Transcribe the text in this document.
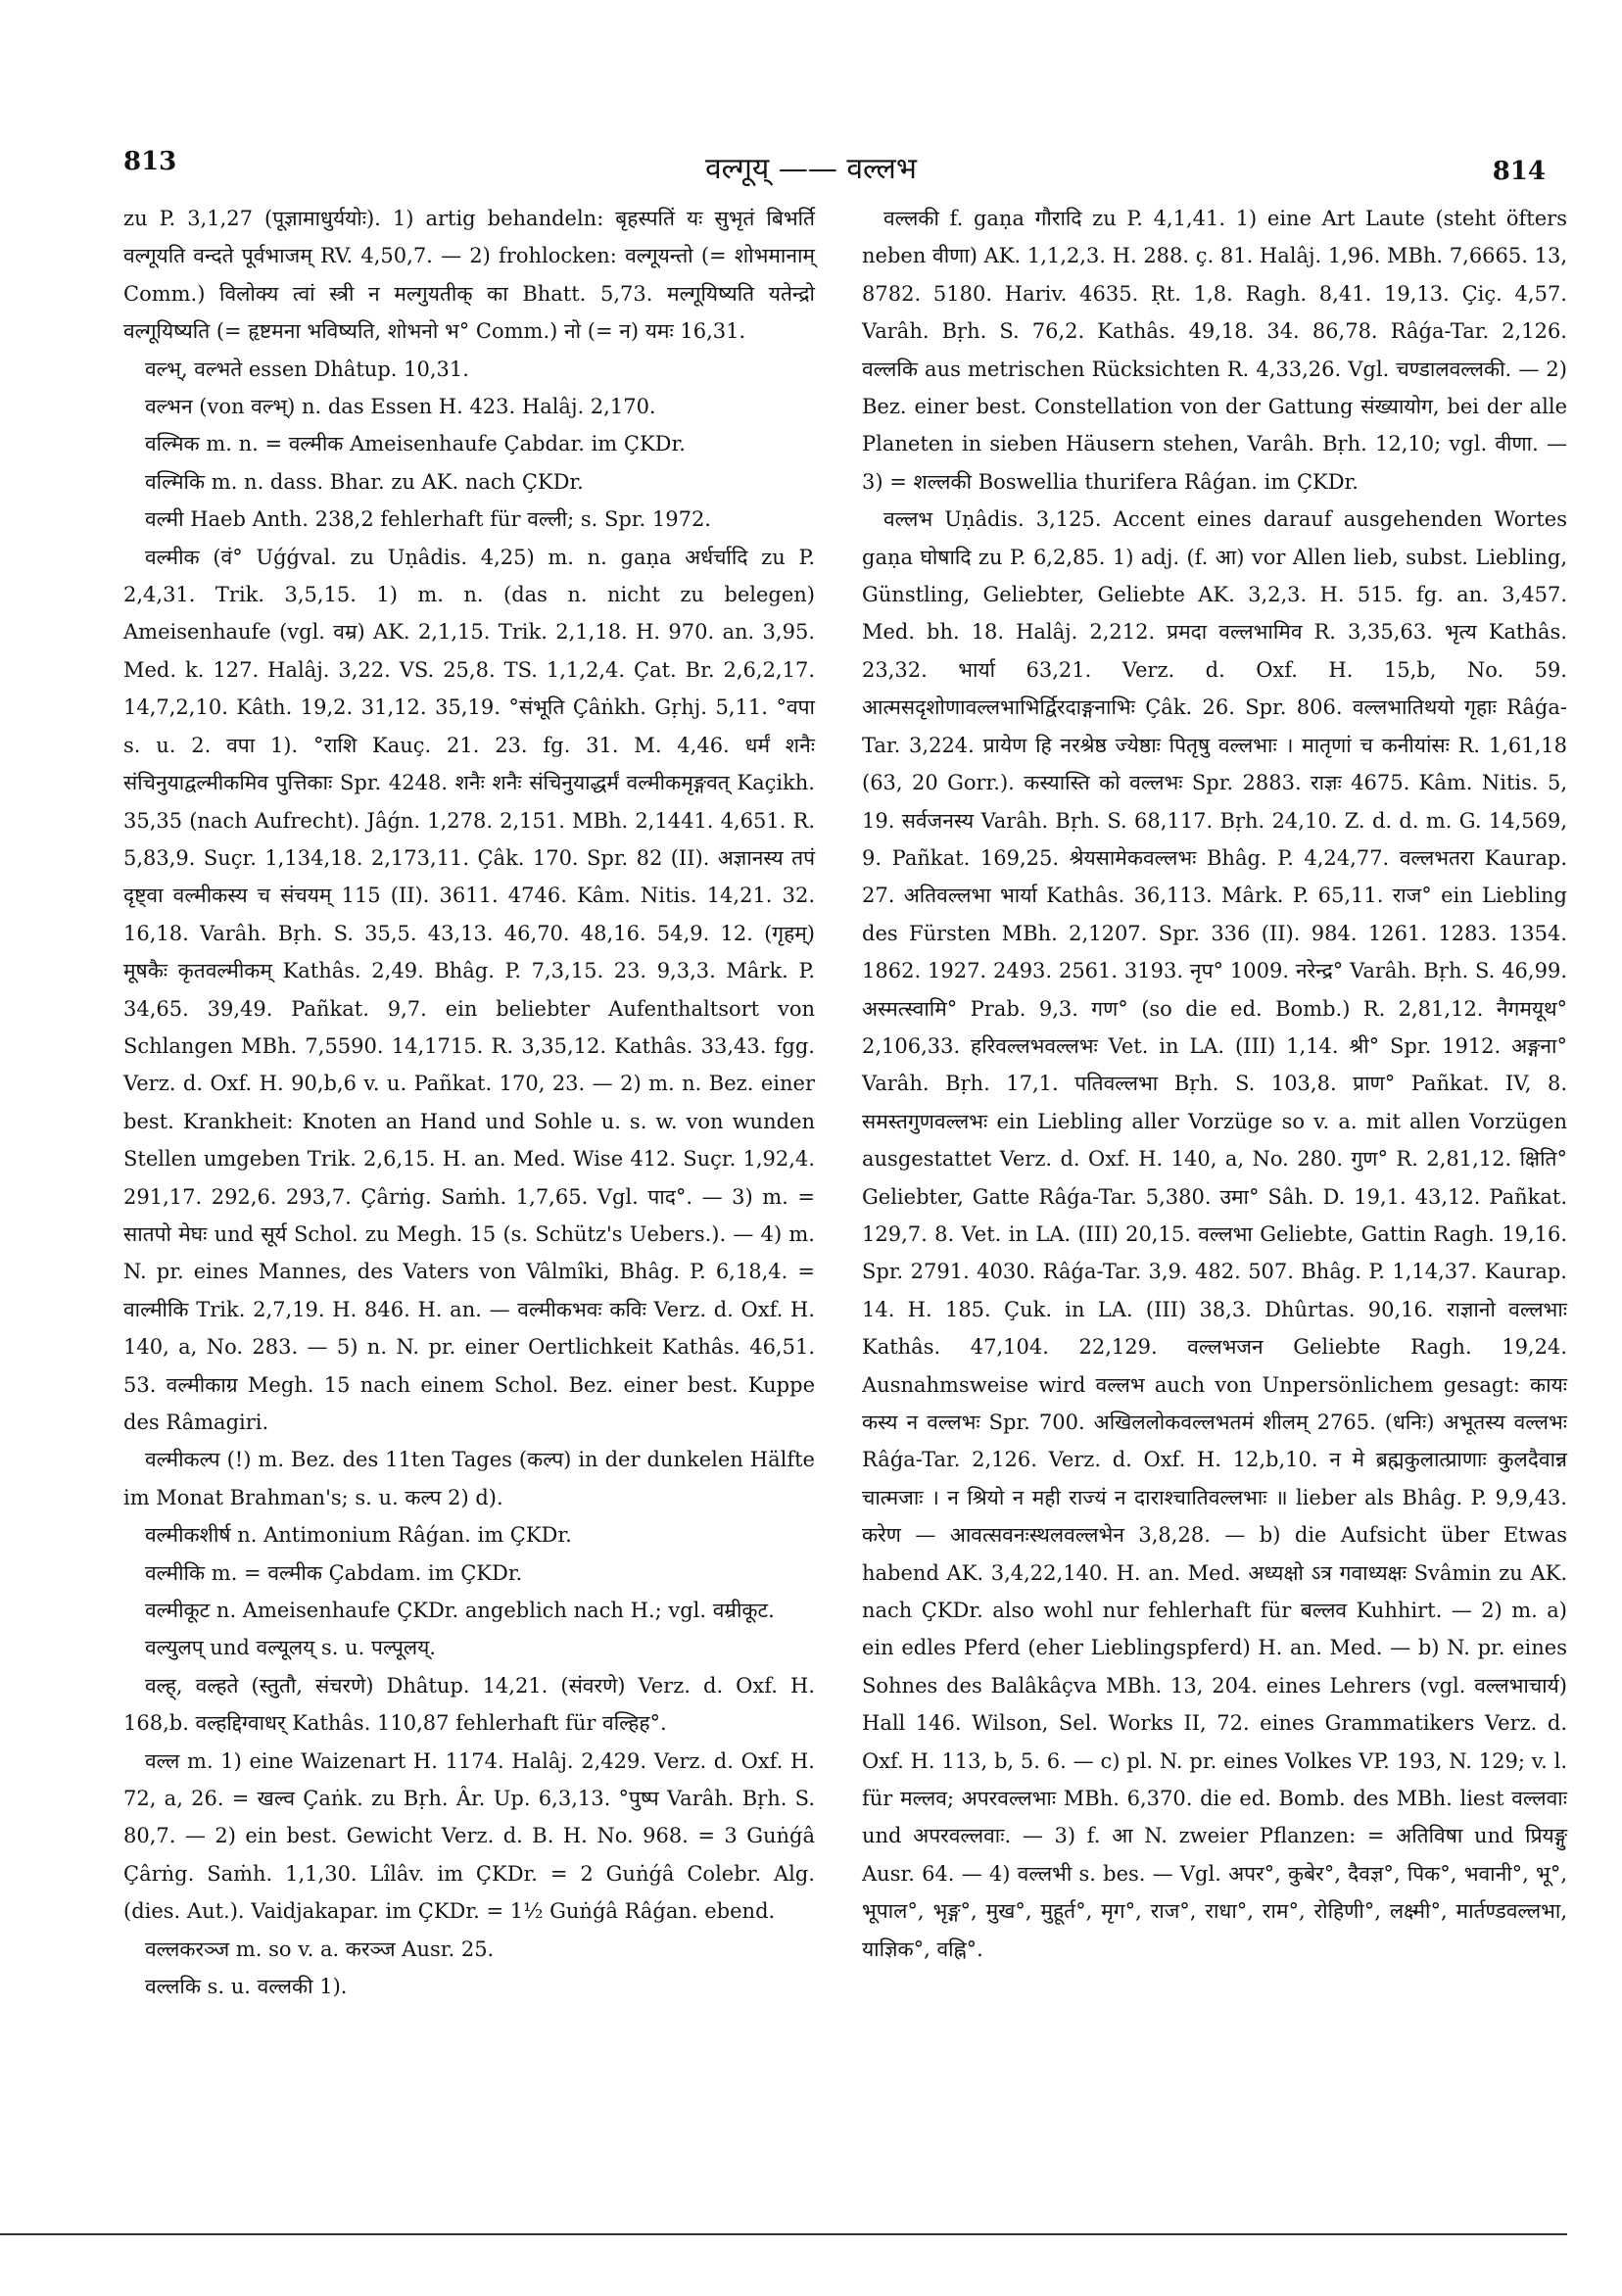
813	वल्गूय् —— वल्लभ	814

zu P. 3,1,27 (पूज्ञामाधुर्ययोः). 1) artig behandeln: बृहस्पतिं यः सुभृतं बिभर्ति वल्गूयति वन्दते पूर्वभाजम् RV. 4,50,7. — 2) frohlocken: वल्गूयन्तो (= शोभमानाम् Comm.) विलोक्य त्वां स्त्री न मल्गुयतीक् का Bhatt. 5,73. मल्गूयिष्यति यतेन्द्रो वल्गूयिष्यति (= हृष्टमना भविष्यति, शोभनो भ° Comm.) नो (= न) यमः 16,31.

वल्भ्, वल्भते essen Dhâtup. 10,31.

वल्भन (von वल्भ्) n. das Essen H. 423. Halâj. 2,170.

वल्मिक m. n. = वल्मीक Ameisenhaufe Çabdar. im ÇKDr.

वल्मिकि m. n. dass. Bhar. zu AK. nach ÇKDr.

वल्मी Haeb Anth. 238,2 fehlerhaft für वल्ली; s. Spr. 1972.

वल्मीक (वं° Uǵǵval. zu Uṇâdis. 4,25) m. n. gaṇa अर्धर्चादि zu P. 2,4,31. Trik. 3,5,15. 1) m. n. (das n. nicht zu belegen) Ameisenhaufe (vgl. वम्र) AK. 2,1,15. Trik. 2,1,18. H. 970. an. 3,95. Med. k. 127. Halâj. 3,22. VS. 25,8. TS. 1,1,2,4. Çat. Br. 2,6,2,17. 14,7,2,10. Kâth. 19,2. 31,12. 35,19. °संभूति Çâṅkh. Gṛhj. 5,11. °वपा s. u. 2. वपा 1). °राशि Kauç. 21. 23. fg. 31. M. 4,46. धर्मं शनैः संचिनुयाद्वल्मीकमिव पुत्तिकाः Spr. 4248. शनैः शनैः संचिनुयाद्धर्मं वल्मीकमृङ्गवत् Kaçikh. 35,35 (nach Aufrecht). Jâǵn. 1,278. 2,151. MBh. 2,1441. 4,651. R. 5,83,9. Suçr. 1,134,18. 2,173,11. Çâk. 170. Spr. 82 (II). अज्ञानस्य तपं दृष्ट्वा वल्मीकस्य च संचयम् 115 (II). 3611. 4746. Kâm. Nitis. 14,21. 32. 16,18. Varâh. Bṛh. S. 35,5. 43,13. 46,70. 48,16. 54,9. 12. (गृहम्) मूषकैः कृतवल्मीकम् Kathâs. 2,49. Bhâg. P. 7,3,15. 23. 9,3,3. Mârk. P. 34,65. 39,49. Pañkat. 9,7. ein beliebter Aufenthaltsort von Schlangen MBh. 7,5590. 14,1715. R. 3,35,12. Kathâs. 33,43. fgg. Verz. d. Oxf. H. 90,b,6 v. u. Pañkat. 170, 23. — 2) m. n. Bez. einer best. Krankheit: Knoten an Hand und Sohle u. s. w. von wunden Stellen umgeben Trik. 2,6,15. H. an. Med. Wise 412. Suçr. 1,92,4. 291,17. 292,6. 293,7. Çârṅg. Saṁh. 1,7,65. Vgl. पाद°. — 3) m. = सातपो मेघः und सूर्य Schol. zu Megh. 15 (s. Schütz's Uebers.). — 4) m. N. pr. eines Mannes, des Vaters von Vâlmîki, Bhâg. P. 6,18,4. = वाल्मीकि Trik. 2,7,19. H. 846. H. an. — वल्मीकभवः कविः Verz. d. Oxf. H. 140, a, No. 283. — 5) n. N. pr. einer Oertlichkeit Kathâs. 46,51. 53. वल्मीकाग्र Megh. 15 nach einem Schol. Bez. einer best. Kuppe des Râmagiri.

वल्मीकल्प (!) m. Bez. des 11ten Tages (कल्प) in der dunkelen Hälfte im Monat Brahman's; s. u. कल्प 2) d).

वल्मीकशीर्ष n. Antimonium Râǵan. im ÇKDr.

वल्मीकि m. = वल्मीक Çabdam. im ÇKDr.

वल्मीकूट n. Ameisenhaufe ÇKDr. angeblich nach H.; vgl. वम्रीकूट.

वल्युलप् und वल्यूलय् s. u. पल्पूलय्.

वल्ह्, वल्हते (स्तुतौ, संचरणे) Dhâtup. 14,21. (संवरणे) Verz. d. Oxf. H. 168,b. वल्हद्दिग्वाधर् Kathâs. 110,87 fehlerhaft für वल्हिह°.

वल्ल m. 1) eine Waizenart H. 1174. Halâj. 2,429. Verz. d. Oxf. H. 72, a, 26. = खल्व Çaṅk. zu Bṛh. Âr. Up. 6,3,13. °पुष्प Varâh. Bṛh. S. 80,7. — 2) ein best. Gewicht Verz. d. B. H. No. 968. = 3 Guṅǵâ Çârṅg. Saṁh. 1,1,30. Lîlâv. im ÇKDr. = 2 Guṅǵâ Colebr. Alg. (dies. Aut.). Vaidjakapar. im ÇKDr. = 1½ Guṅǵâ Râǵan. ebend.

वल्लकरञ्ज m. so v. a. करञ्ज Ausr. 25.

वल्लकि s. u. वल्लकी 1).

वल्लकी f. gaṇa गौरादि zu P. 4,1,41. 1) eine Art Laute (steht öfters neben वीणा) AK. 1,1,2,3. H. 288. ç. 81. Halâj. 1,96. MBh. 7,6665. 13, 8782. 5180. Hariv. 4635. Ṛt. 1,8. Ragh. 8,41. 19,13. Çiç. 4,57. Varâh. Bṛh. S. 76,2. Kathâs. 49,18. 34. 86,78. Râǵa-Tar. 2,126. वल्लकि aus metrischen Rücksichten R. 4,33,26. Vgl. चण्डालवल्लकी. — 2) Bez. einer best. Constellation von der Gattung संख्यायोग, bei der alle Planeten in sieben Häusern stehen, Varâh. Bṛh. 12,10; vgl. वीणा. — 3) = शल्लकी Boswellia thurifera Râǵan. im ÇKDr.

वल्लभ Uṇâdis. 3,125. Accent eines darauf ausgehenden Wortes gaṇa घोषादि zu P. 6,2,85. 1) adj. (f. आ) vor Allen lieb, subst. Liebling, Günstling, Geliebter, Geliebte AK. 3,2,3. H. 515. fg. an. 3,457. Med. bh. 18. Halâj. 2,212. प्रमदा वल्लभामिव R. 3,35,63. भृत्य Kathâs. 23,32. भार्या 63,21. Verz. d. Oxf. H. 15,b, No. 59. आत्मसदृशोणावल्लभाभिर्द्विरदाङ्गनाभिः Çâk. 26. Spr. 806. वल्लभातिथयो गृहाः Râǵa-Tar. 3,224. प्रायेण हि नरश्रेष्ठ ज्येष्ठाः पितृषु वल्लभाः । मातृणां च कनीयांसः R. 1,61,18 (63, 20 Gorr.). कस्यास्ति को वल्लभः Spr. 2883. राज्ञः 4675. Kâm. Nitis. 5, 19. सर्वजनस्य Varâh. Bṛh. S. 68,117. Bṛh. 24,10. Z. d. d. m. G. 14,569, 9. Pañkat. 169,25. श्रेयसामेकवल्लभः Bhâg. P. 4,24,77. वल्लभतरा Kaurap. 27. अतिवल्लभा भार्या Kathâs. 36,113. Mârk. P. 65,11. राज° ein Liebling des Fürsten MBh. 2,1207. Spr. 336 (II). 984. 1261. 1283. 1354. 1862. 1927. 2493. 2561. 3193. नृप° 1009. नरेन्द्र° Varâh. Bṛh. S. 46,99. अस्मत्स्वामि° Prab. 9,3. गण° (so die ed. Bomb.) R. 2,81,12. नैगमयूथ° 2,106,33. हरिवल्लभवल्लभः Vet. in LA. (III) 1,14. श्री° Spr. 1912. अङ्गना° Varâh. Bṛh. 17,1. पतिवल्लभा Bṛh. S. 103,8. प्राण° Pañkat. IV, 8. समस्तगुणवल्लभः ein Liebling aller Vorzüge so v. a. mit allen Vorzügen ausgestattet Verz. d. Oxf. H. 140, a, No. 280. गुण° R. 2,81,12. क्षिति° Geliebter, Gatte Râǵa-Tar. 5,380. उमा° Sâh. D. 19,1. 43,12. Pañkat. 129,7. 8. Vet. in LA. (III) 20,15. वल्लभा Geliebte, Gattin Ragh. 19,16. Spr. 2791. 4030. Râǵa-Tar. 3,9. 482. 507. Bhâg. P. 1,14,37. Kaurap. 14. H. 185. Çuk. in LA. (III) 38,3. Dhûrtas. 90,16. राज्ञानो वल्लभाः Kathâs. 47,104. 22,129. वल्लभजन Geliebte Ragh. 19,24. Ausnahmsweise wird वल्लभ auch von Unpersönlichem gesagt: कायः कस्य न वल्लभः Spr. 700. अखिललोकवल्लभतमं शीलम् 2765. (धनिः) अभूतस्य वल्लभः Râǵa-Tar. 2,126. Verz. d. Oxf. H. 12,b,10. न मे ब्रह्मकुलात्प्राणाः कुलदैवान्न चात्मजाः । न श्रियो न मही राज्यं न दाराश्चातिवल्लभाः ॥ lieber als Bhâg. P. 9,9,43. करेण — आवत्सवनःस्थलवल्लभेन 3,8,28. — b) die Aufsicht über Etwas habend AK. 3,4,22,140. H. an. Med. अध्यक्षो ऽत्र गवाध्यक्षः Svâmin zu AK. nach ÇKDr. also wohl nur fehlerhaft für बल्लव Kuhhirt. — 2) m. a) ein edles Pferd (eher Lieblingspferd) H. an. Med. — b) N. pr. eines Sohnes des Balâkâçva MBh. 13, 204. eines Lehrers (vgl. वल्लभाचार्य) Hall 146. Wilson, Sel. Works II, 72. eines Grammatikers Verz. d. Oxf. H. 113, b, 5. 6. — c) pl. N. pr. eines Volkes VP. 193, N. 129; v. l. für मल्लव; अपरवल्लभाः MBh. 6,370. die ed. Bomb. des MBh. liest वल्लवाः und अपरवल्लवाः. — 3) f. आ N. zweier Pflanzen: = अतिविषा und प्रियङ्गु Ausr. 64. — 4) वल्लभी s. bes. — Vgl. अपर°, कुबेर°, दैवज्ञ°, पिक°, भवानी°, भू°, भूपाल°, भृङ्ग°, मुख°, मुहूर्त°, मृग°, राज°, राधा°, राम°, रोहिणी°, लक्ष्मी°, मार्तण्डवल्लभा, याज्ञिक°, वह्नि°.
